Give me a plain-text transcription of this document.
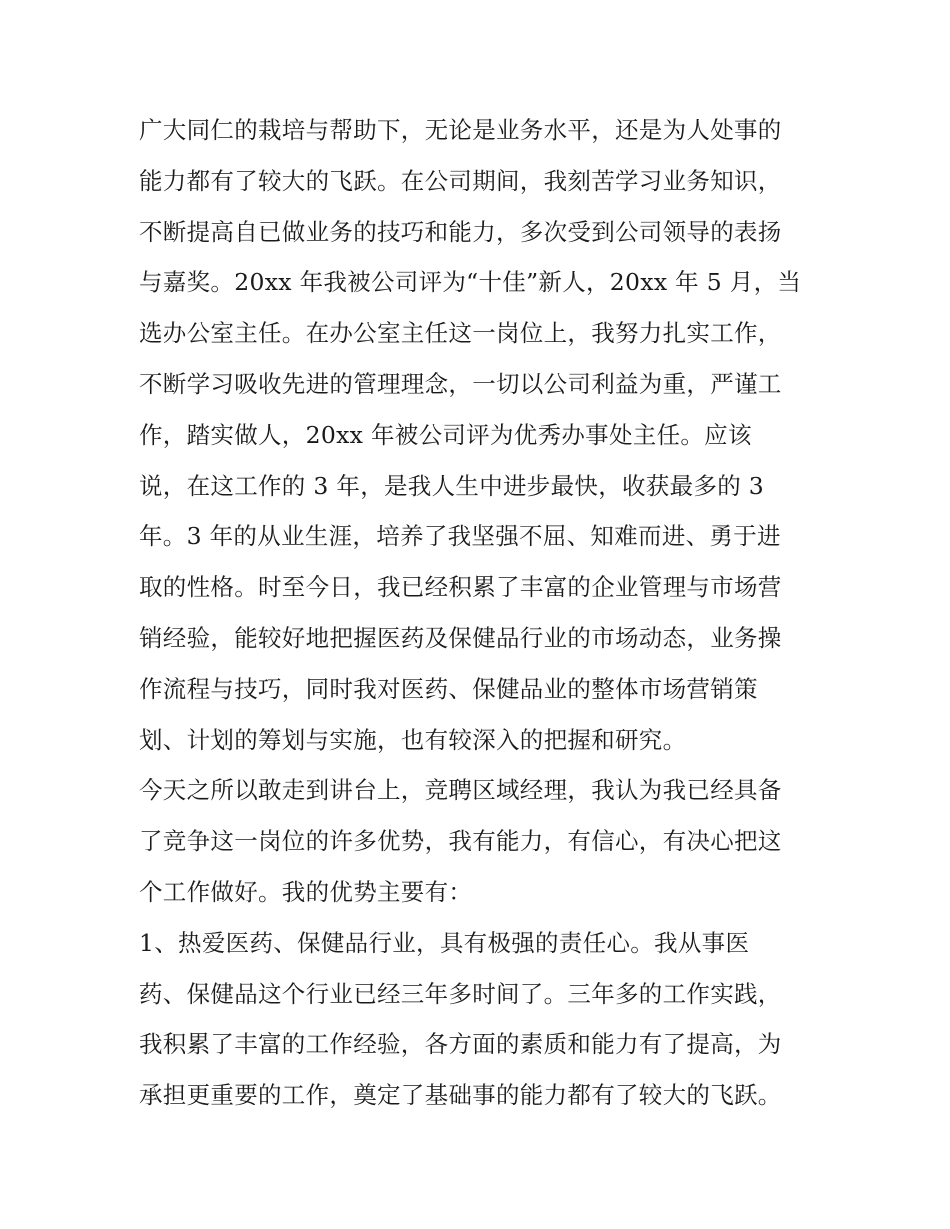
广大同仁的栽培与帮助下，无论是业务水平，还是为人处事的
能力都有了较大的飞跃。在公司期间，我刻苦学习业务知识，
不断提高自已做业务的技巧和能力，多次受到公司领导的表扬
与嘉奖。20xx 年我被公司评为“十佳”新人，20xx 年 5 月，当
选办公室主任。在办公室主任这一岗位上，我努力扎实工作，
不断学习吸收先进的管理理念，一切以公司利益为重，严谨工
作，踏实做人，20xx 年被公司评为优秀办事处主任。应该
说，在这工作的 3 年，是我人生中进步最快，收获最多的 3
年。3 年的从业生涯，培养了我坚强不屈、知难而进、勇于进
取的性格。时至今日，我已经积累了丰富的企业管理与市场营
销经验，能较好地把握医药及保健品行业的市场动态，业务操
作流程与技巧，同时我对医药、保健品业的整体市场营销策
划、计划的筹划与实施，也有较深入的把握和研究。
今天之所以敢走到讲台上，竞聘区域经理，我认为我已经具备
了竞争这一岗位的许多优势，我有能力，有信心，有决心把这
个工作做好。我的优势主要有：
1、热爱医药、保健品行业，具有极强的责任心。我从事医
药、保健品这个行业已经三年多时间了。三年多的工作实践，
我积累了丰富的工作经验，各方面的素质和能力有了提高，为
承担更重要的工作，奠定了基础事的能力都有了较大的飞跃。
